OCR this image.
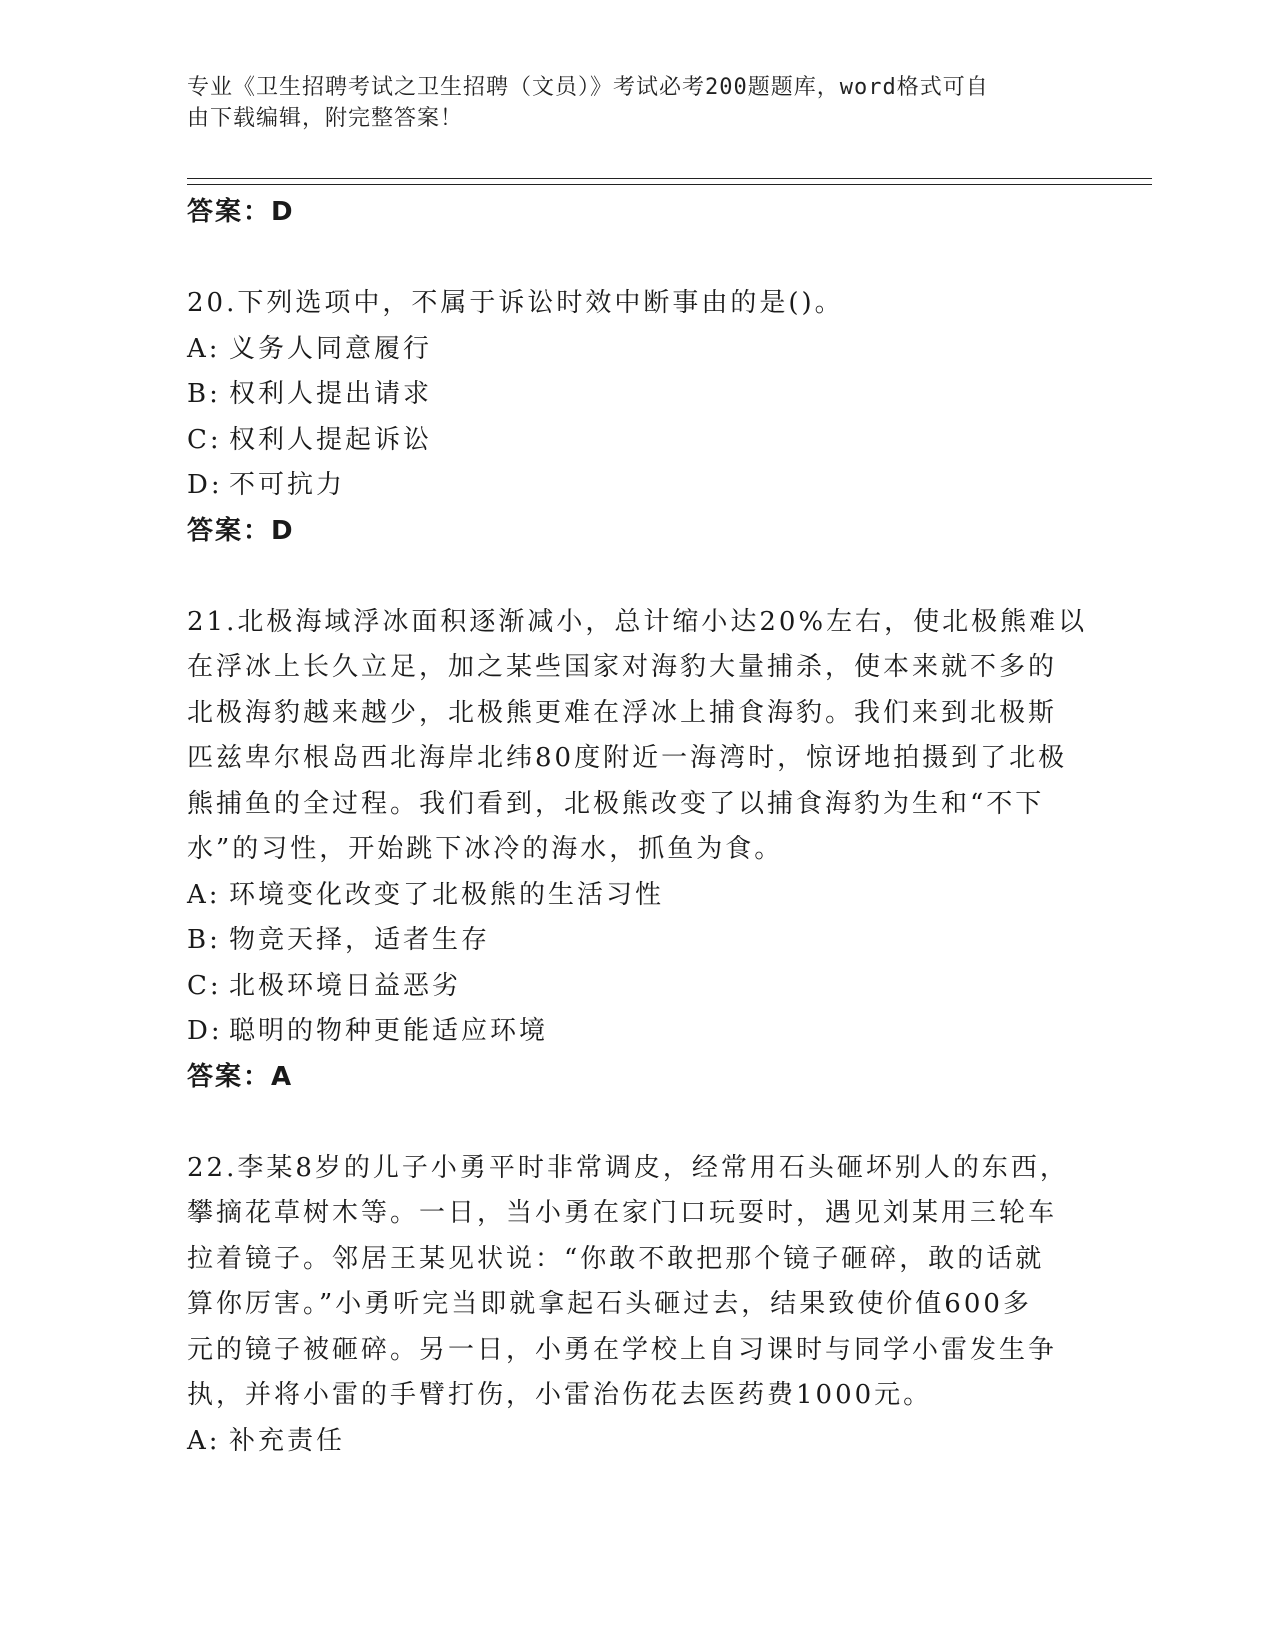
专业《卫生招聘考试之卫生招聘（文员）》考试必考200题题库，word格式可自
由下载编辑，附完整答案！
答案：D
20.下列选项中，不属于诉讼时效中断事由的是()。
A: 义务人同意履行
B: 权利人提出请求
C: 权利人提起诉讼
D: 不可抗力
答案：D
21.北极海域浮冰面积逐渐减小，总计缩小达20%左右，使北极熊难以
在浮冰上长久立足，加之某些国家对海豹大量捕杀，使本来就不多的
北极海豹越来越少，北极熊更难在浮冰上捕食海豹。我们来到北极斯
匹兹卑尔根岛西北海岸北纬80度附近一海湾时，惊讶地拍摄到了北极
熊捕鱼的全过程。我们看到，北极熊改变了以捕食海豹为生和“不下
水”的习性，开始跳下冰冷的海水，抓鱼为食。
A: 环境变化改变了北极熊的生活习性
B: 物竞天择，适者生存
C: 北极环境日益恶劣
D: 聪明的物种更能适应环境
答案：A
22.李某8岁的儿子小勇平时非常调皮，经常用石头砸坏别人的东西，
攀摘花草树木等。一日，当小勇在家门口玩耍时，遇见刘某用三轮车
拉着镜子。邻居王某见状说：“你敢不敢把那个镜子砸碎，敢的话就
算你厉害。”小勇听完当即就拿起石头砸过去，结果致使价值600多
元的镜子被砸碎。另一日，小勇在学校上自习课时与同学小雷发生争
执，并将小雷的手臂打伤，小雷治伤花去医药费1000元。
A: 补充责任
